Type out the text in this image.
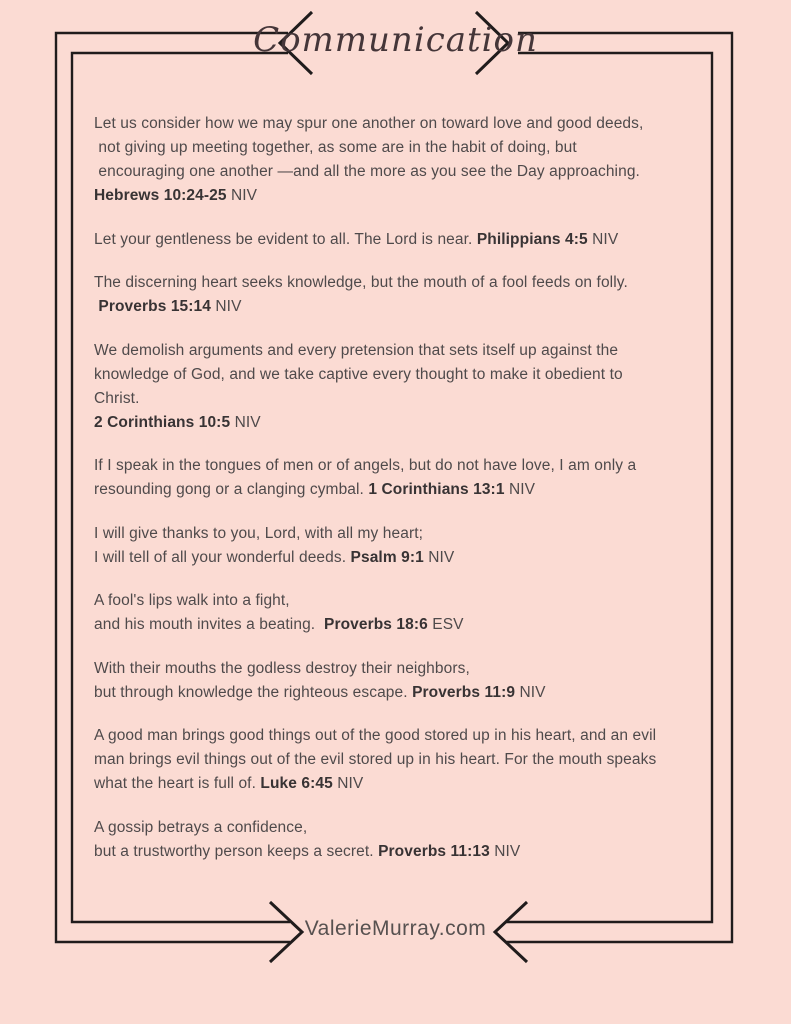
Communication
Let us consider how we may spur one another on toward love and good deeds,
not giving up meeting together, as some are in the habit of doing, but
encouraging one another —and all the more as you see the Day approaching.
Hebrews 10:24-25 NIV
Let your gentleness be evident to all. The Lord is near. Philippians 4:5 NIV
The discerning heart seeks knowledge, but the mouth of a fool feeds on folly.
Proverbs 15:14 NIV
We demolish arguments and every pretension that sets itself up against the
knowledge of God, and we take captive every thought to make it obedient to
Christ.
2 Corinthians 10:5 NIV
If I speak in the tongues of men or of angels, but do not have love, I am only a
resounding gong or a clanging cymbal. 1 Corinthians 13:1 NIV
I will give thanks to you, Lord, with all my heart;
I will tell of all your wonderful deeds. Psalm 9:1 NIV
A fool's lips walk into a fight,
and his mouth invites a beating.  Proverbs 18:6 ESV
With their mouths the godless destroy their neighbors,
but through knowledge the righteous escape. Proverbs 11:9 NIV
A good man brings good things out of the good stored up in his heart, and an evil
man brings evil things out of the evil stored up in his heart. For the mouth speaks
what the heart is full of. Luke 6:45 NIV
A gossip betrays a confidence,
but a trustworthy person keeps a secret. Proverbs 11:13 NIV
ValerieMurray.com
